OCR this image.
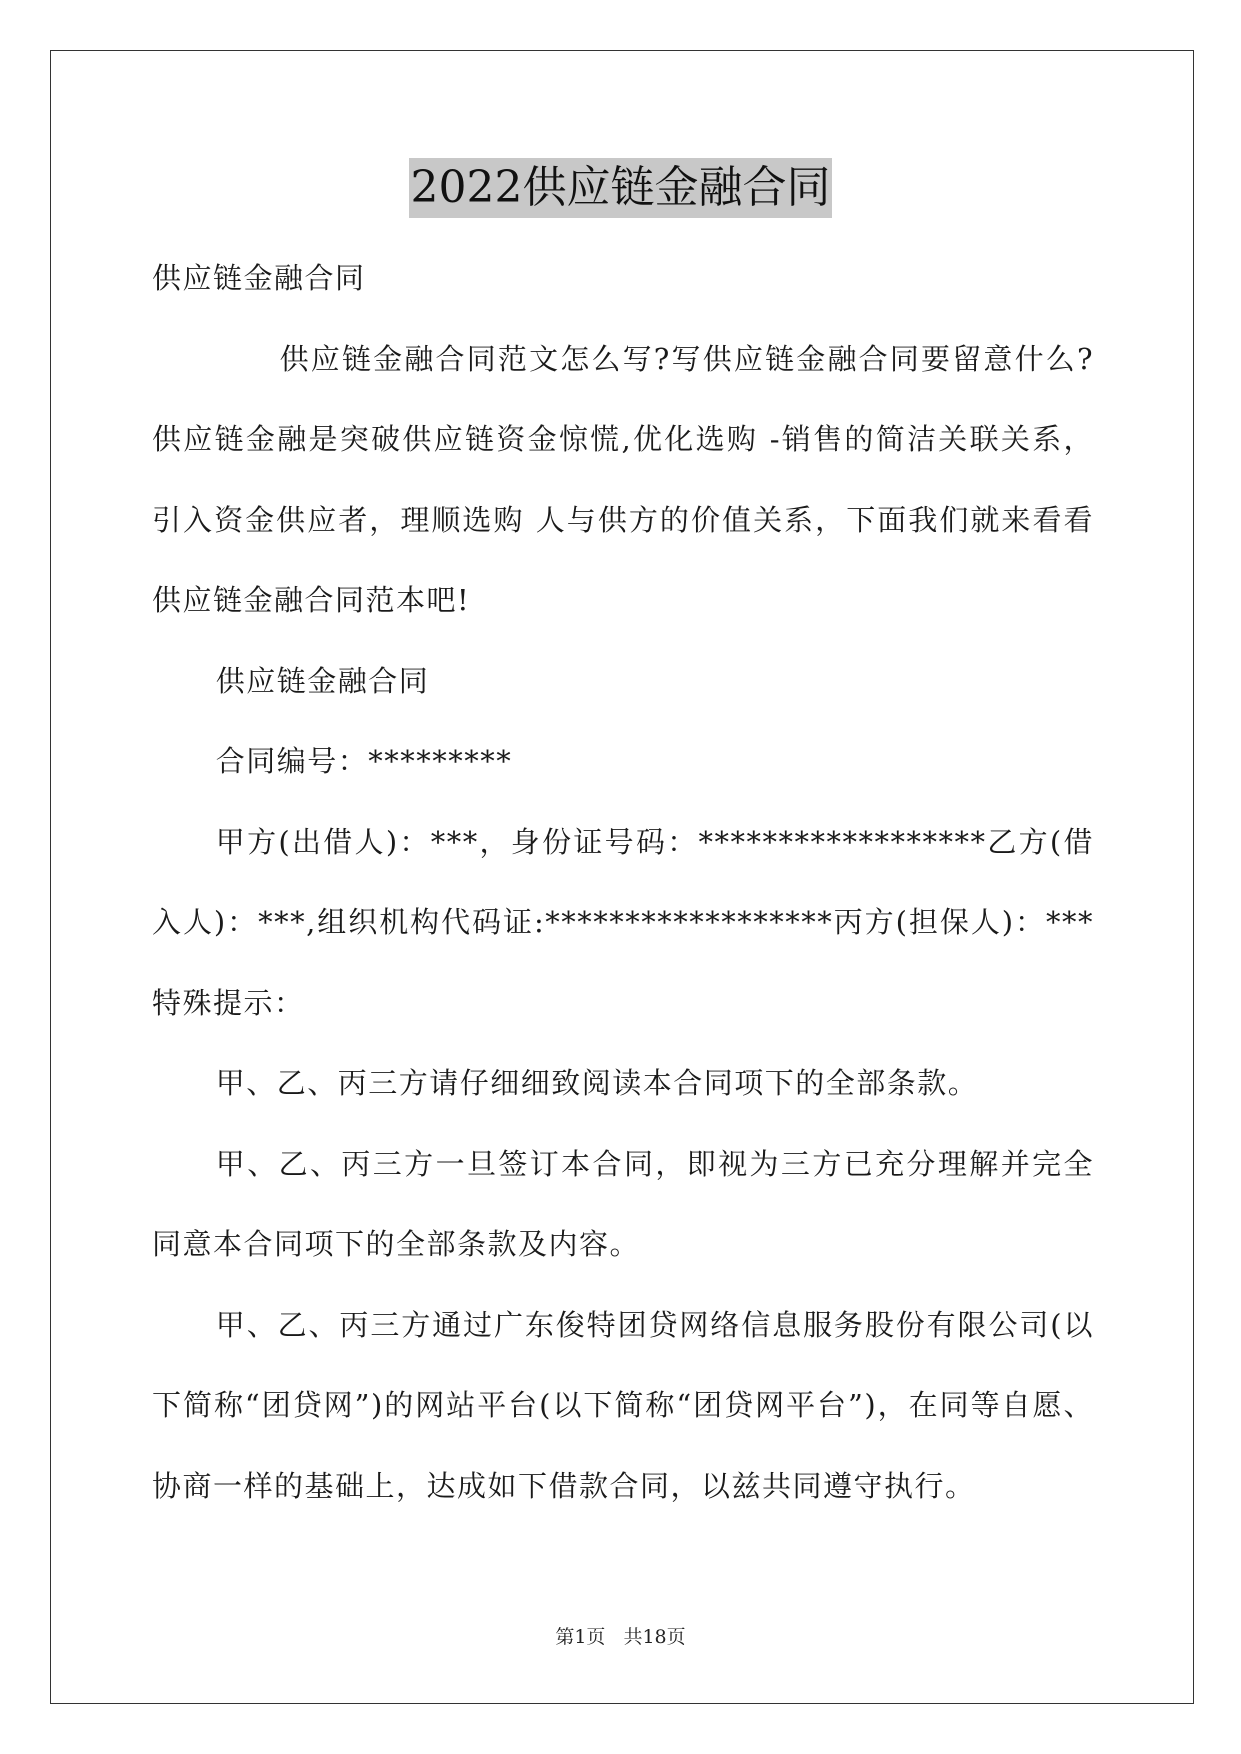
2022供应链金融合同

供应链金融合同

供应链金融合同范文怎么写?写供应链金融合同要留意什么?供应链金融是突破供应链资金惊慌,优化选购 -销售的简洁关联关系，引入资金供应者，理顺选购 人与供方的价值关系，下面我们就来看看供应链金融合同范本吧!

供应链金融合同

合同编号：*********

甲方(出借人)：***，身份证号码：******************乙方(借入人)：***,组织机构代码证:******************丙方(担保人)：***特殊提示：

甲、乙、丙三方请仔细细致阅读本合同项下的全部条款。

甲、乙、丙三方一旦签订本合同，即视为三方已充分理解并完全同意本合同项下的全部条款及内容。

甲、乙、丙三方通过广东俊特团贷网络信息服务股份有限公司(以下简称“团贷网”)的网站平台(以下简称“团贷网平台”)，在同等自愿、协商一样的基础上，达成如下借款合同，以兹共同遵守执行。

第1页 共18页
